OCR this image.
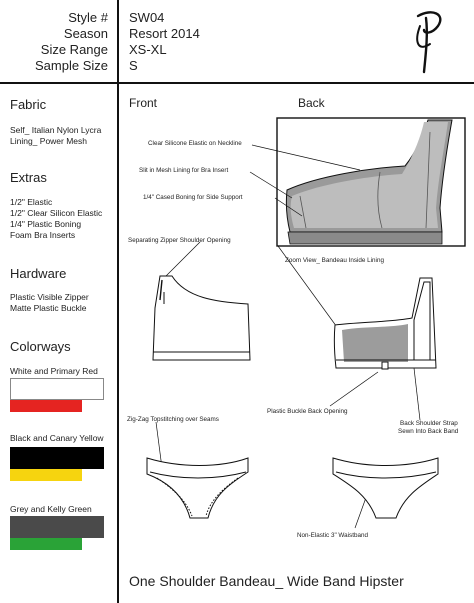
Style # SW04
Season Resort 2014
Size Range XS-XL
Sample Size S
Fabric
Self_ Italian Nylon Lycra
Lining_ Power Mesh
Extras
1/2" Elastic
1/2" Clear Silicon Elastic
1/4" Plastic Boning
Foam Bra Inserts
Hardware
Plastic Visible Zipper
Matte Plastic Buckle
Colorways
White and Primary Red
Black and Canary Yellow
Grey and Kelly Green
Front	Back
Clear Silicone Elastic on Neckline
Slit in Mesh Lining for Bra Insert
1/4" Cased Boning for Side Support
Separating Zipper Shoulder Opening
Zoom View_ Bandeau Inside Lining
Plastic Buckle Back Opening
Back Shoulder Strap
Sewn Into Back Band
Zig-Zag Topstitching over Seams
Non-Elastic 3" Waistband
One Shoulder Bandeau_ Wide Band Hipster
